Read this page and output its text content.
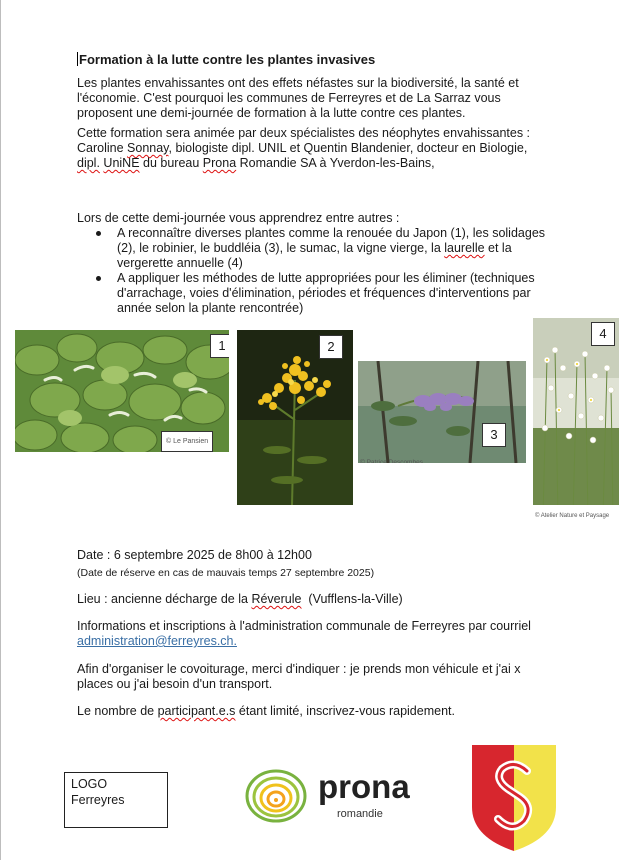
Formation à la lutte contre les plantes invasives
Les plantes envahissantes ont des effets néfastes sur la biodiversité, la santé et l'économie. C'est pourquoi les communes de Ferreyres et de La Sarraz vous proposent une demi-journée de formation à la lutte contre ces plantes.
Cette formation sera animée par deux spécialistes des néophytes envahissantes : Caroline Sonnay, biologiste dipl. UNIL et Quentin Blandenier, docteur en Biologie, dipl. UniNE du bureau Prona Romandie SA à Yverdon-les-Bains,
Lors de cette demi-journée vous apprendrez entre autres :
A reconnaître diverses plantes comme la renouée du Japon (1), les solidages (2), le robinier, le buddléia (3), le sumac, la vigne vierge, la laurelle et la vergerette annuelle (4)
A appliquer les méthodes de lutte appropriées pour les éliminer (techniques d'arrachage, voies d'élimination, périodes et fréquences d'interventions par année selon la plante rencontrée)
1
© Le Pansien
2
3
© Patrice Descombes
4
© Atelier Nature et Paysage
Date : 6 septembre 2025 de 8h00 à 12h00
(Date de réserve en cas de mauvais temps 27 septembre 2025)
Lieu : ancienne décharge de la Réverule  (Vufflens-la-Ville)
Informations et inscriptions à l'administration communale de Ferreyres par courriel
administration@ferreyres.ch.
Afin d'organiser le covoiturage, merci d'indiquer : je prends mon véhicule et j'ai x places ou j'ai besoin d'un transport.
Le nombre de participant.e.s étant limité, inscrivez-vous rapidement.
LOGO
Ferreyres	prona
romandie
